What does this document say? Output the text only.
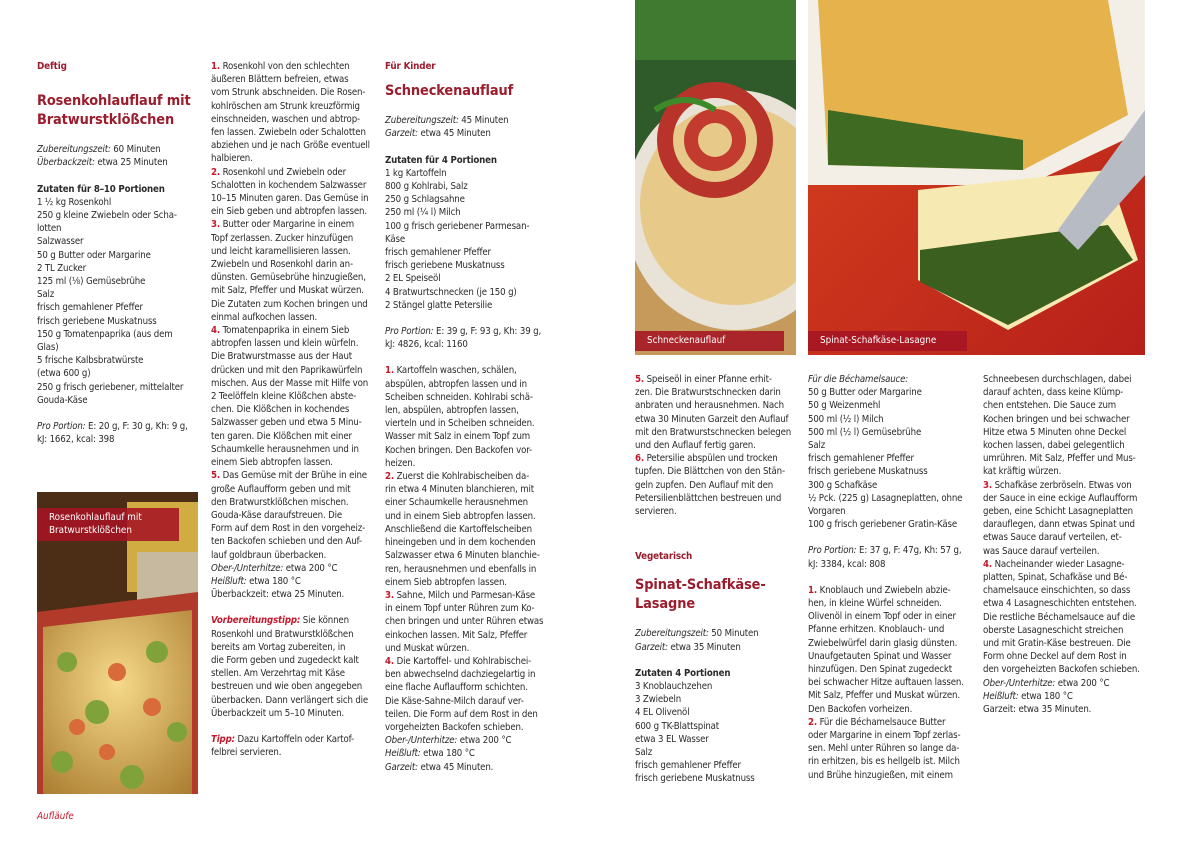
Rosenkohlauflauf mit
Bratwurstklößchen
Schneckenauflauf	Spinat-Schafkäse-Lasagne

Deftig

Rosenkohlauflauf mit

Bratwurstklößchen

Zubereitungszeit: 60 Minuten

Überbackzeit: etwa 25 Minuten

Zutaten für 8–10 Portionen

1 ½ kg Rosenkohl

250 g kleine Zwiebeln oder Scha-

lotten

Salzwasser

50 g Butter oder Margarine

2 TL Zucker

125 ml (⅛) Gemüsebrühe

Salz

frisch gemahlener Pfeffer

frisch geriebene Muskatnuss

150 g Tomatenpaprika (aus dem

Glas)

5 frische Kalbsbratwürste

(etwa 600 g)

250 g frisch geriebener, mittelalter

Gouda-Käse

Pro Portion: E: 20 g, F: 30 g, Kh: 9 g,

kJ: 1662, kcal: 398

1. Rosenkohl von den schlechten

äußeren Blättern befreien, etwas

vom Strunk abschneiden. Die Rosen-

kohlröschen am Strunk kreuzförmig

einschneiden, waschen und abtrop-

fen lassen. Zwiebeln oder Schalotten

abziehen und je nach Größe eventuell

halbieren.

2. Rosenkohl und Zwiebeln oder

Schalotten in kochendem Salzwasser

10–15 Minuten garen. Das Gemüse in

ein Sieb geben und abtropfen lassen.

3. Butter oder Margarine in einem

Topf zerlassen. Zucker hinzufügen

und leicht karamellisieren lassen.

Zwiebeln und Rosenkohl darin an-

dünsten. Gemüsebrühe hinzugießen,

mit Salz, Pfeffer und Muskat würzen.

Die Zutaten zum Kochen bringen und

einmal aufkochen lassen.

4. Tomatenpaprika in einem Sieb

abtropfen lassen und klein würfeln.

Die Bratwurstmasse aus der Haut

drücken und mit den Paprikawürfeln

mischen. Aus der Masse mit Hilfe von

2 Teelöffeln kleine Klößchen abste-

chen. Die Klößchen in kochendes

Salzwasser geben und etwa 5 Minu-

ten garen. Die Klößchen mit einer

Schaumkelle herausnehmen und in

einem Sieb abtropfen lassen.

5. Das Gemüse mit der Brühe in eine

große Auflaufform geben und mit

den Bratwurstklößchen mischen.

Gouda-Käse daraufstreuen. Die

Form auf dem Rost in den vorgeheiz-

ten Backofen schieben und den Auf-

lauf goldbraun überbacken.

Ober-/Unterhitze: etwa 200 °C

Heißluft: etwa 180 °C

Überbackzeit: etwa 25 Minuten.

Vorbereitungstipp: Sie können

Rosenkohl und Bratwurstklößchen

bereits am Vortag zubereiten, in

die Form geben und zugedeckt kalt

stellen. Am Verzehrtag mit Käse

bestreuen und wie oben angegeben

überbacken. Dann verlängert sich die

Überbackzeit um 5–10 Minuten.

Tipp: Dazu Kartoffeln oder Kartof-

felbrei servieren.

Für Kinder

Schneckenauflauf

Zubereitungszeit: 45 Minuten

Garzeit: etwa 45 Minuten

Zutaten für 4 Portionen

1 kg Kartoffeln

800 g Kohlrabi, Salz

250 g Schlagsahne

250 ml (¼ l) Milch

100 g frisch geriebener Parmesan-

Käse

frisch gemahlener Pfeffer

frisch geriebene Muskatnuss

2 EL Speiseöl

4 Bratwurtschnecken (je 150 g)

2 Stängel glatte Petersilie

Pro Portion: E: 39 g, F: 93 g, Kh: 39 g,

kJ: 4826, kcal: 1160

1. Kartoffeln waschen, schälen,

abspülen, abtropfen lassen und in

Scheiben schneiden. Kohlrabi schä-

len, abspülen, abtropfen lassen,

vierteln und in Scheiben schneiden.

Wasser mit Salz in einem Topf zum

Kochen bringen. Den Backofen vor-

heizen.

2. Zuerst die Kohlrabischeiben da-

rin etwa 4 Minuten blanchieren, mit

einer Schaumkelle herausnehmen

und in einem Sieb abtropfen lassen.

Anschließend die Kartoffelscheiben

hineingeben und in dem kochenden

Salzwasser etwa 6 Minuten blanchie-

ren, herausnehmen und ebenfalls in

einem Sieb abtropfen lassen.

3. Sahne, Milch und Parmesan-Käse

in einem Topf unter Rühren zum Ko-

chen bringen und unter Rühren etwas

einkochen lassen. Mit Salz, Pfeffer

und Muskat würzen.

4. Die Kartoffel- und Kohlrabischei-

ben abwechselnd dachziegelartig in

eine flache Auflaufform schichten.

Die Käse-Sahne-Milch darauf ver-

teilen. Die Form auf dem Rost in den

vorgeheizten Backofen schieben.

Ober-/Unterhitze: etwa 200 °C

Heißluft: etwa 180 °C

Garzeit: etwa 45 Minuten.

5. Speiseöl in einer Pfanne erhit-

zen. Die Bratwurstschnecken darin

anbraten und herausnehmen. Nach

etwa 30 Minuten Garzeit den Auflauf

mit den Bratwurstschnecken belegen

und den Auflauf fertig garen.

6. Petersilie abspülen und trocken

tupfen. Die Blättchen von den Stän-

geln zupfen. Den Auflauf mit den

Petersilienblättchen bestreuen und

servieren.

Vegetarisch

Spinat-Schafkäse-

Lasagne

Zubereitungszeit: 50 Minuten

Garzeit: etwa 35 Minuten

Zutaten 4 Portionen

3 Knoblauchzehen

3 Zwiebeln

4 EL Olivenöl

600 g TK-Blattspinat

etwa 3 EL Wasser

Salz

frisch gemahlener Pfeffer

frisch geriebene Muskatnuss

Für die Béchamelsauce:

50 g Butter oder Margarine

50 g Weizenmehl

500 ml (½ l) Milch

500 ml (½ l) Gemüsebrühe

Salz

frisch gemahlener Pfeffer

frisch geriebene Muskatnuss

300 g Schafkäse

½ Pck. (225 g) Lasagneplatten, ohne

Vorgaren

100 g frisch geriebener Gratin-Käse

Pro Portion: E: 37 g, F: 47g, Kh: 57 g,

kJ: 3384, kcal: 808

1. Knoblauch und Zwiebeln abzie-

hen, in kleine Würfel schneiden.

Olivenöl in einem Topf oder in einer

Pfanne erhitzen. Knoblauch- und

Zwiebelwürfel darin glasig dünsten.

Unaufgetauten Spinat und Wasser

hinzufügen. Den Spinat zugedeckt

bei schwacher Hitze auftauen lassen.

Mit Salz, Pfeffer und Muskat würzen.

Den Backofen vorheizen.

2. Für die Béchamelsauce Butter

oder Margarine in einem Topf zerlas-

sen. Mehl unter Rühren so lange da-

rin erhitzen, bis es hellgelb ist. Milch

und Brühe hinzugießen, mit einem

Schneebesen durchschlagen, dabei

darauf achten, dass keine Klümp-

chen entstehen. Die Sauce zum

Kochen bringen und bei schwacher

Hitze etwa 5 Minuten ohne Deckel

kochen lassen, dabei gelegentlich

umrühren. Mit Salz, Pfeffer und Mus-

kat kräftig würzen.

3. Schafkäse zerbröseln. Etwas von

der Sauce in eine eckige Auflaufform

geben, eine Schicht Lasagneplatten

darauflegen, dann etwas Spinat und

etwas Sauce darauf verteilen, et-

was Sauce darauf verteilen.

4. Nacheinander wieder Lasagne-

platten, Spinat, Schafkäse und Bé-

chamelsauce einschichten, so dass

etwa 4 Lasagneschichten entstehen.

Die restliche Béchamelsauce auf die

oberste Lasagneschicht streichen

und mit Gratin-Käse bestreuen. Die

Form ohne Deckel auf dem Rost in

den vorgeheizten Backofen schieben.

Ober-/Unterhitze: etwa 200 °C

Heißluft: etwa 180 °C

Garzeit: etwa 35 Minuten.

Aufläufe
